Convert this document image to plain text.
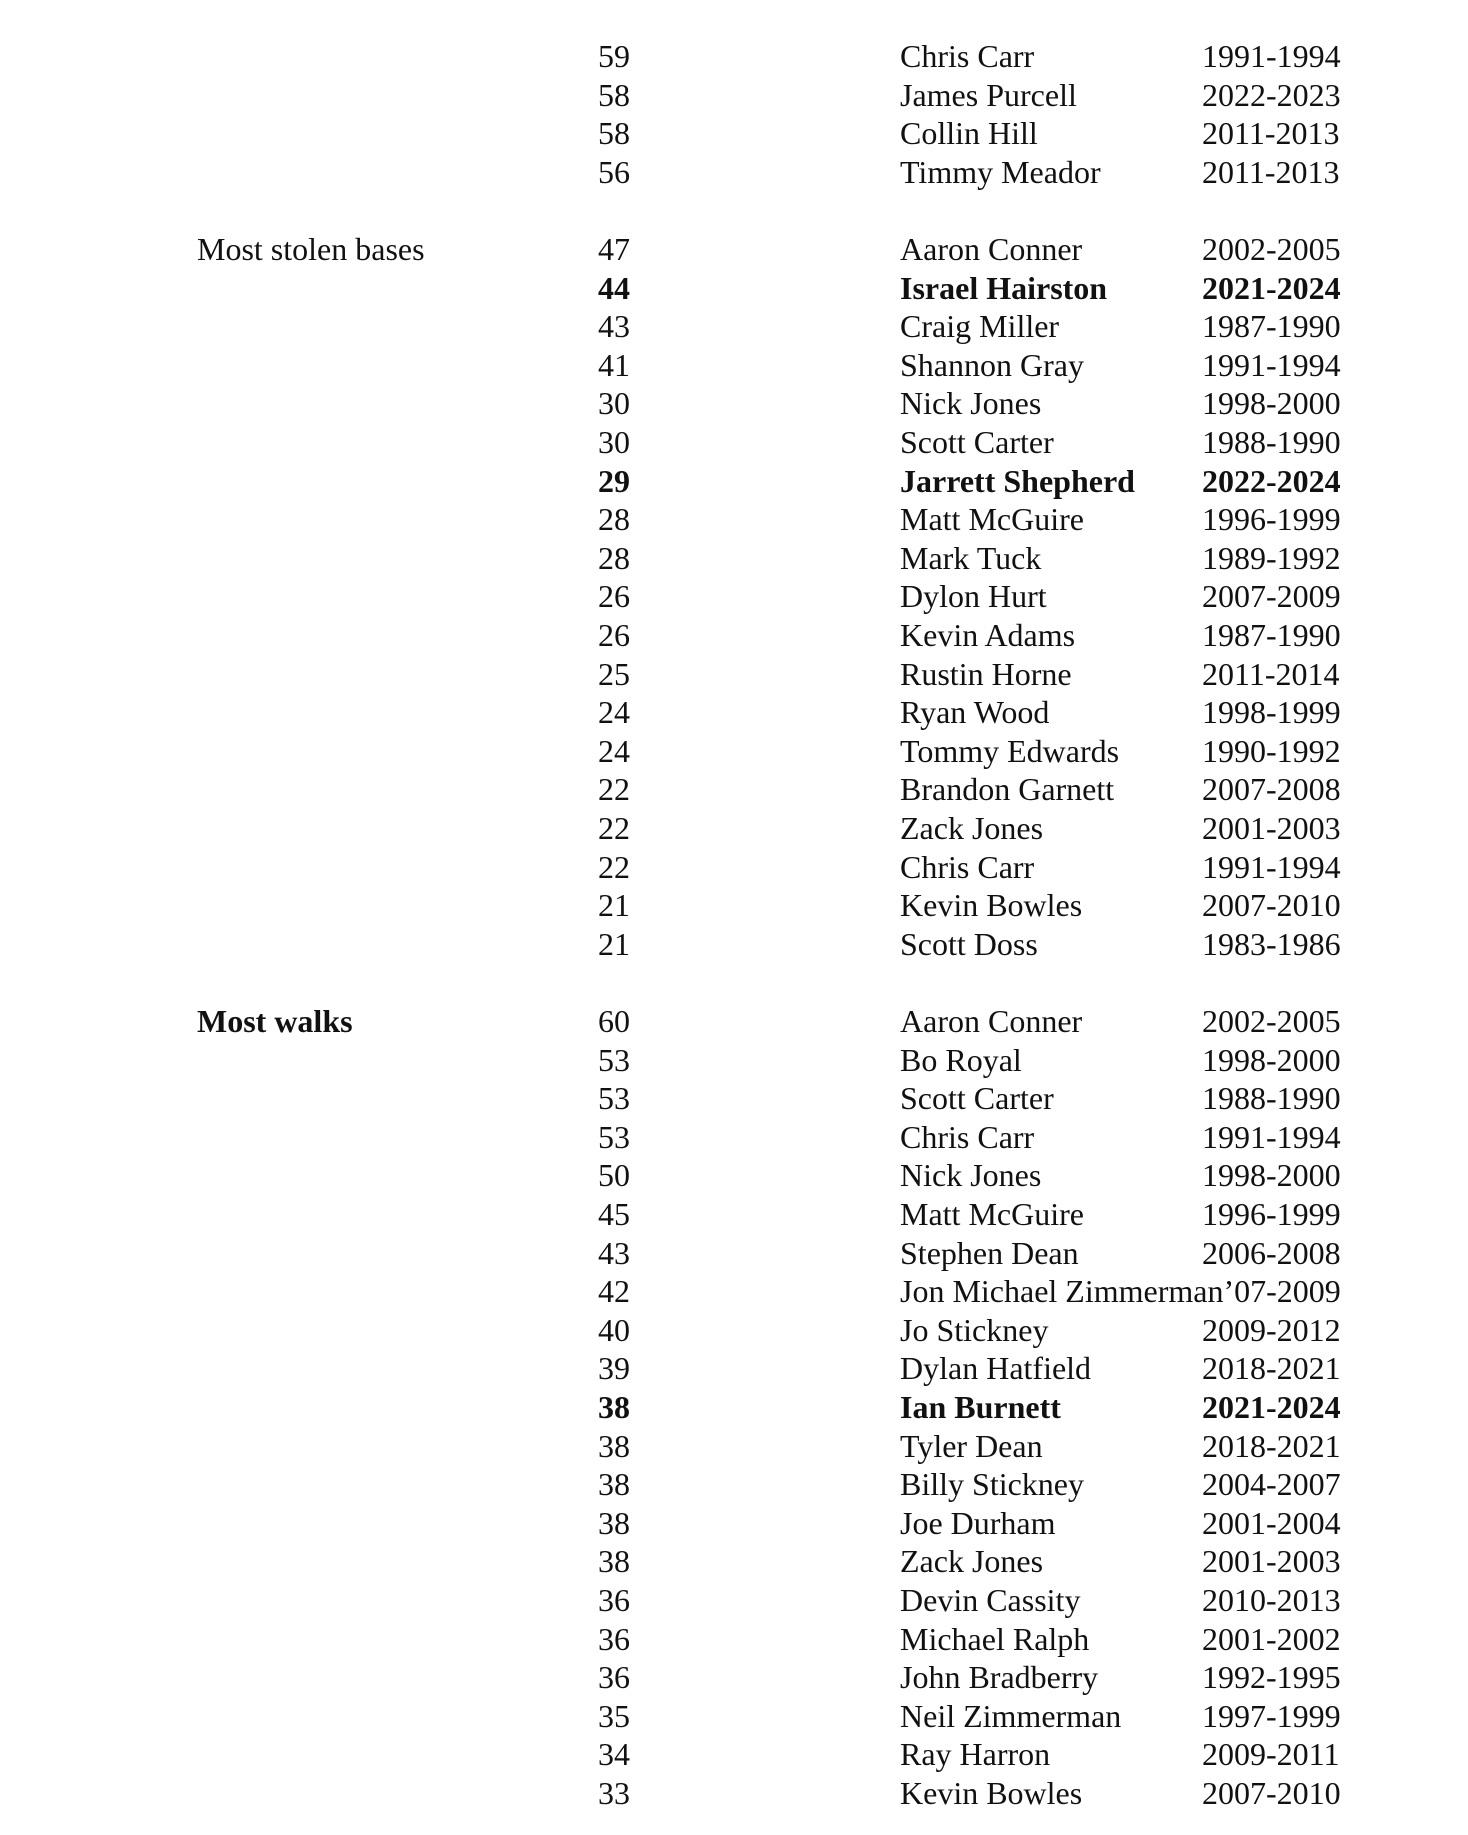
59	Chris Carr	1991-1994
58	James Purcell	2022-2023
58	Collin Hill	2011-2013
56	Timmy Meador	2011-2013
Most stolen bases	47	Aaron Conner	2002-2005
44	Israel Hairston	2021-2024
43	Craig Miller	1987-1990
41	Shannon Gray	1991-1994
30	Nick Jones	1998-2000
30	Scott Carter	1988-1990
29	Jarrett Shepherd 2022-2024
28	Matt McGuire	1996-1999
28	Mark Tuck	1989-1992
26	Dylon Hurt	2007-2009
26	Kevin Adams	1987-1990
25	Rustin Horne	2011-2014
24	Ryan Wood	1998-1999
24	Tommy Edwards	1990-1992
22	Brandon Garnett	2007-2008
22	Zack Jones	2001-2003
22	Chris Carr	1991-1994
21	Kevin Bowles	2007-2010
21	Scott Doss	1983-1986
Most walks	60	Aaron Conner	2002-2005
53	Bo Royal	1998-2000
53	Scott Carter	1988-1990
53	Chris Carr	1991-1994
50	Nick Jones	1998-2000
45	Matt McGuire	1996-1999
43	Stephen Dean	2006-2008
42	Jon Michael Zimmerman’07-2009
40	Jo Stickney	2009-2012
39	Dylan Hatfield	2018-2021
38	Ian Burnett	2021-2024
38	Tyler Dean	2018-2021
38	Billy Stickney	2004-2007
38	Joe Durham	2001-2004
38	Zack Jones	2001-2003
36	Devin Cassity	2010-2013
36	Michael Ralph	2001-2002
36	John Bradberry	1992-1995
35	Neil Zimmerman	1997-1999
34	Ray Harron	2009-2011
33	Kevin Bowles	2007-2010
